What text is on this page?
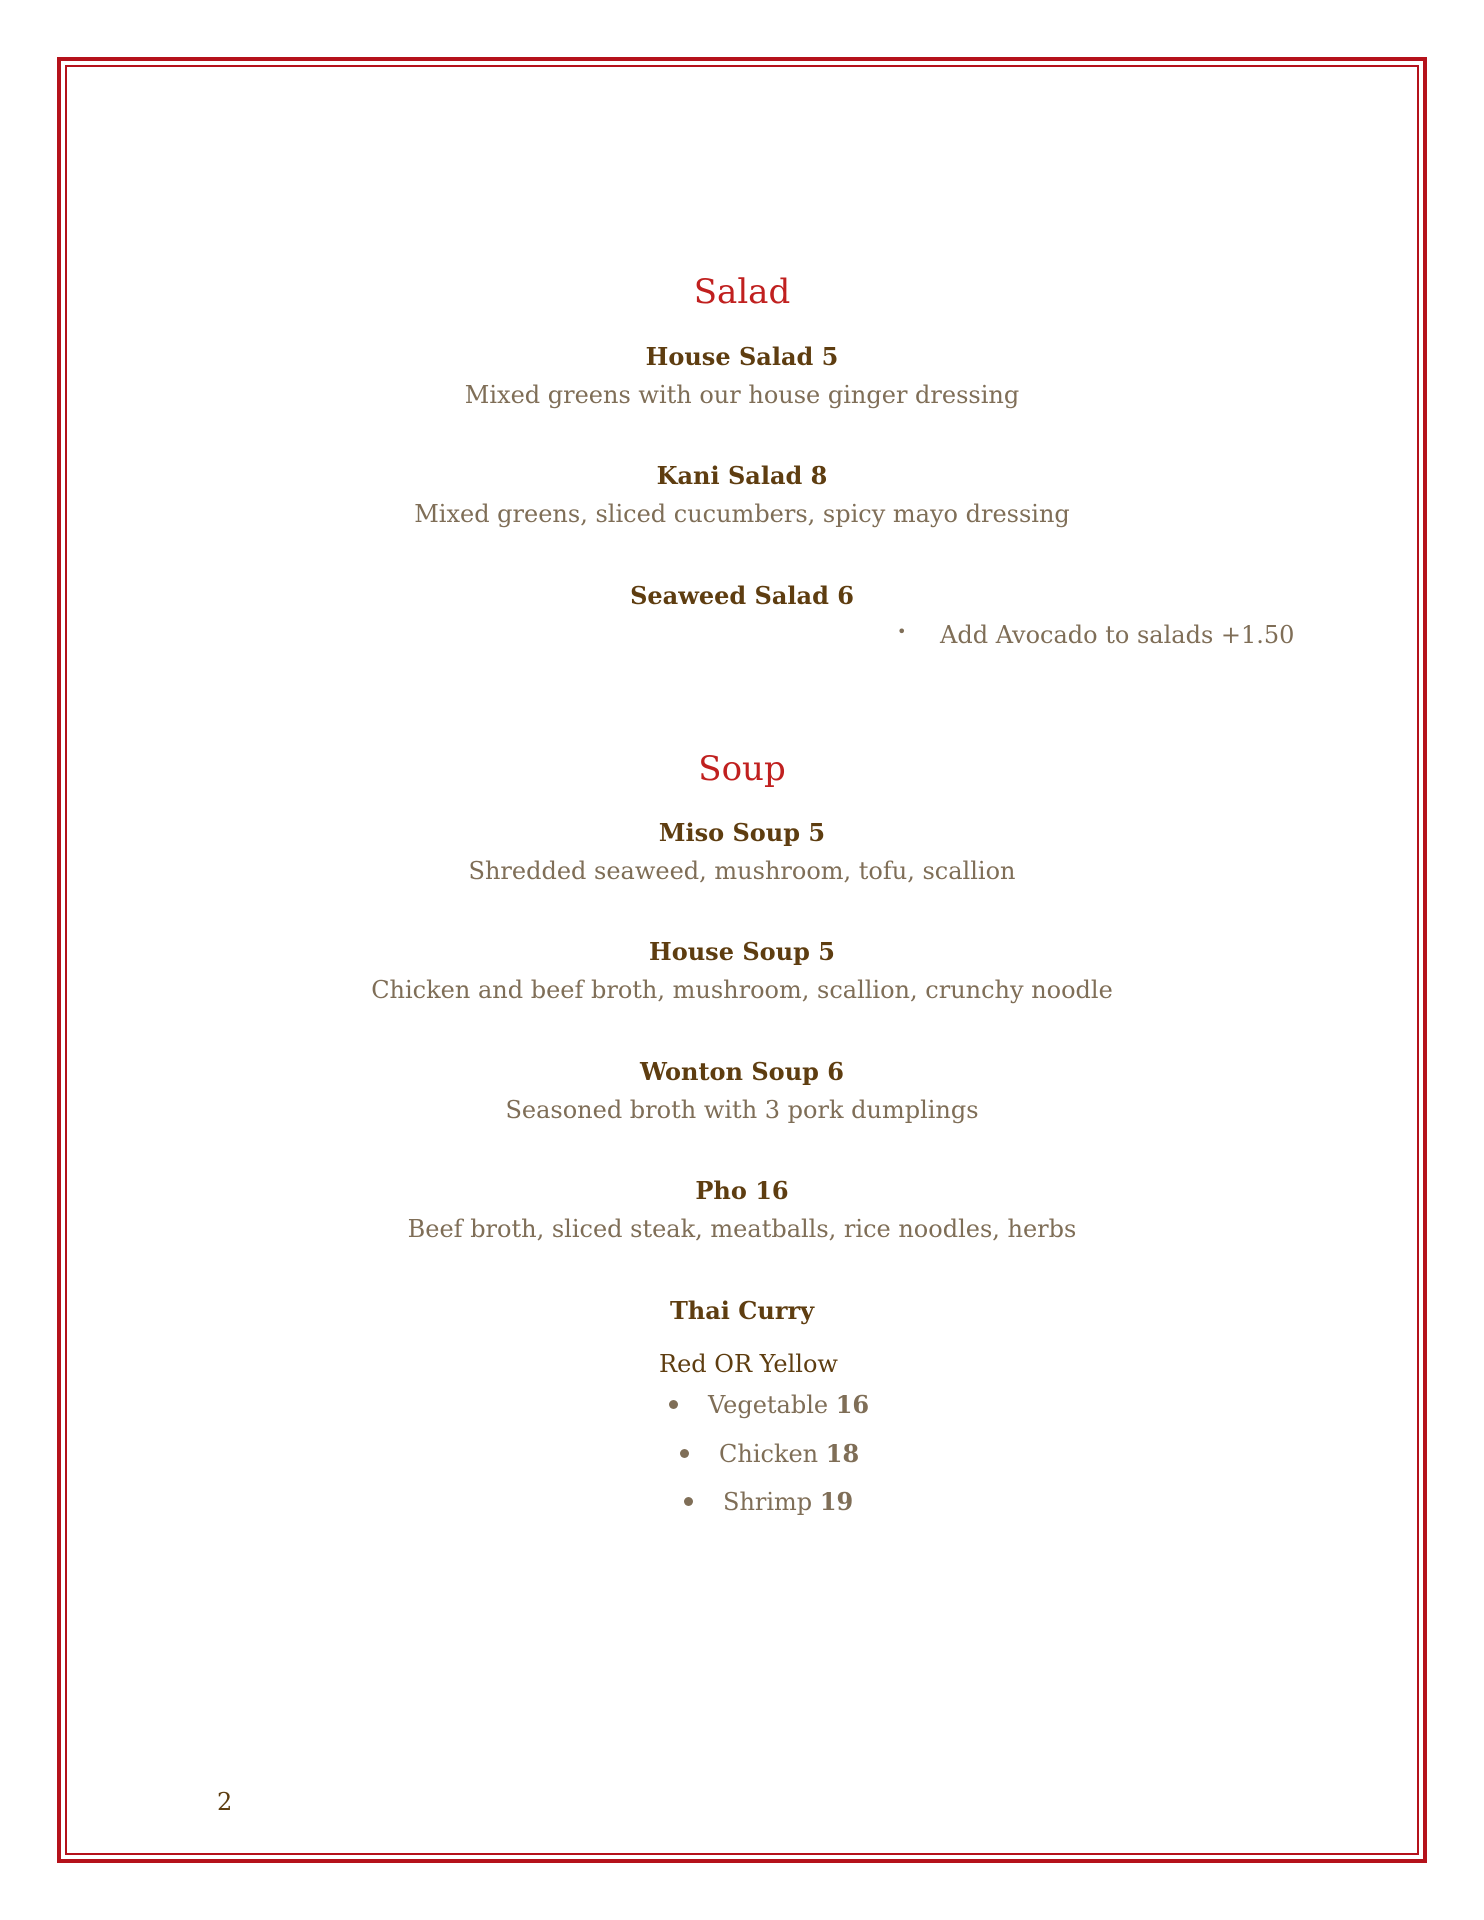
Salad
House Salad 5
Mixed greens with our house ginger dressing
Kani Salad 8
Mixed greens, sliced cucumbers, spicy mayo dressing
Seaweed Salad 6
• Add Avocado to salads +1.50
Soup
Miso Soup 5
Shredded seaweed, mushroom, tofu, scallion
House Soup 5
Chicken and beef broth, mushroom, scallion, crunchy noodle
Wonton Soup 6
Seasoned broth with 3 pork dumplings
Pho 16
Beef broth, sliced steak, meatballs, rice noodles, herbs
Thai Curry
Red OR Yellow
Vegetable 16
Chicken 18
Shrimp 19
2
